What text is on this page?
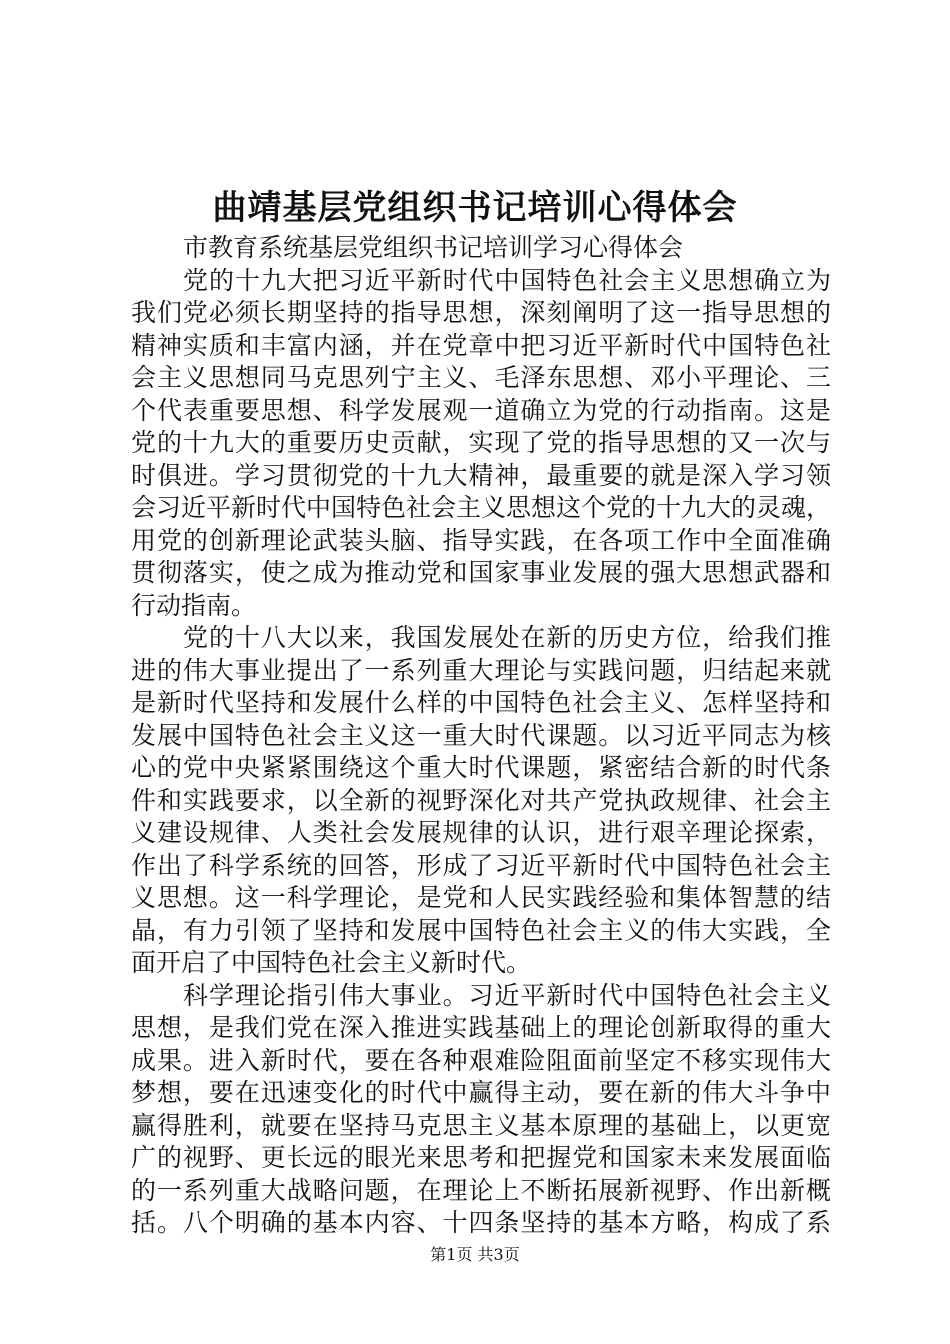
曲靖基层党组织书记培训心得体会
市教育系统基层党组织书记培训学习心得体会
党的十九大把习近平新时代中国特色社会主义思想确立为
我们党必须长期坚持的指导思想，深刻阐明了这一指导思想的
精神实质和丰富内涵，并在党章中把习近平新时代中国特色社
会主义思想同马克思列宁主义、毛泽东思想、邓小平理论、三
个代表重要思想、科学发展观一道确立为党的行动指南。这是
党的十九大的重要历史贡献，实现了党的指导思想的又一次与
时俱进。学习贯彻党的十九大精神，最重要的就是深入学习领
会习近平新时代中国特色社会主义思想这个党的十九大的灵魂，
用党的创新理论武装头脑、指导实践，在各项工作中全面准确
贯彻落实，使之成为推动党和国家事业发展的强大思想武器和
行动指南。
党的十八大以来，我国发展处在新的历史方位，给我们推
进的伟大事业提出了一系列重大理论与实践问题，归结起来就
是新时代坚持和发展什么样的中国特色社会主义、怎样坚持和
发展中国特色社会主义这一重大时代课题。以习近平同志为核
心的党中央紧紧围绕这个重大时代课题，紧密结合新的时代条
件和实践要求，以全新的视野深化对共产党执政规律、社会主
义建设规律、人类社会发展规律的认识，进行艰辛理论探索，
作出了科学系统的回答，形成了习近平新时代中国特色社会主
义思想。这一科学理论，是党和人民实践经验和集体智慧的结
晶，有力引领了坚持和发展中国特色社会主义的伟大实践，全
面开启了中国特色社会主义新时代。
科学理论指引伟大事业。习近平新时代中国特色社会主义
思想，是我们党在深入推进实践基础上的理论创新取得的重大
成果。进入新时代，要在各种艰难险阻面前坚定不移实现伟大
梦想，要在迅速变化的时代中赢得主动，要在新的伟大斗争中
赢得胜利，就要在坚持马克思主义基本原理的基础上，以更宽
广的视野、更长远的眼光来思考和把握党和国家未来发展面临
的一系列重大战略问题，在理论上不断拓展新视野、作出新概
括。八个明确的基本内容、十四条坚持的基本方略，构成了系
第1页 共3页
